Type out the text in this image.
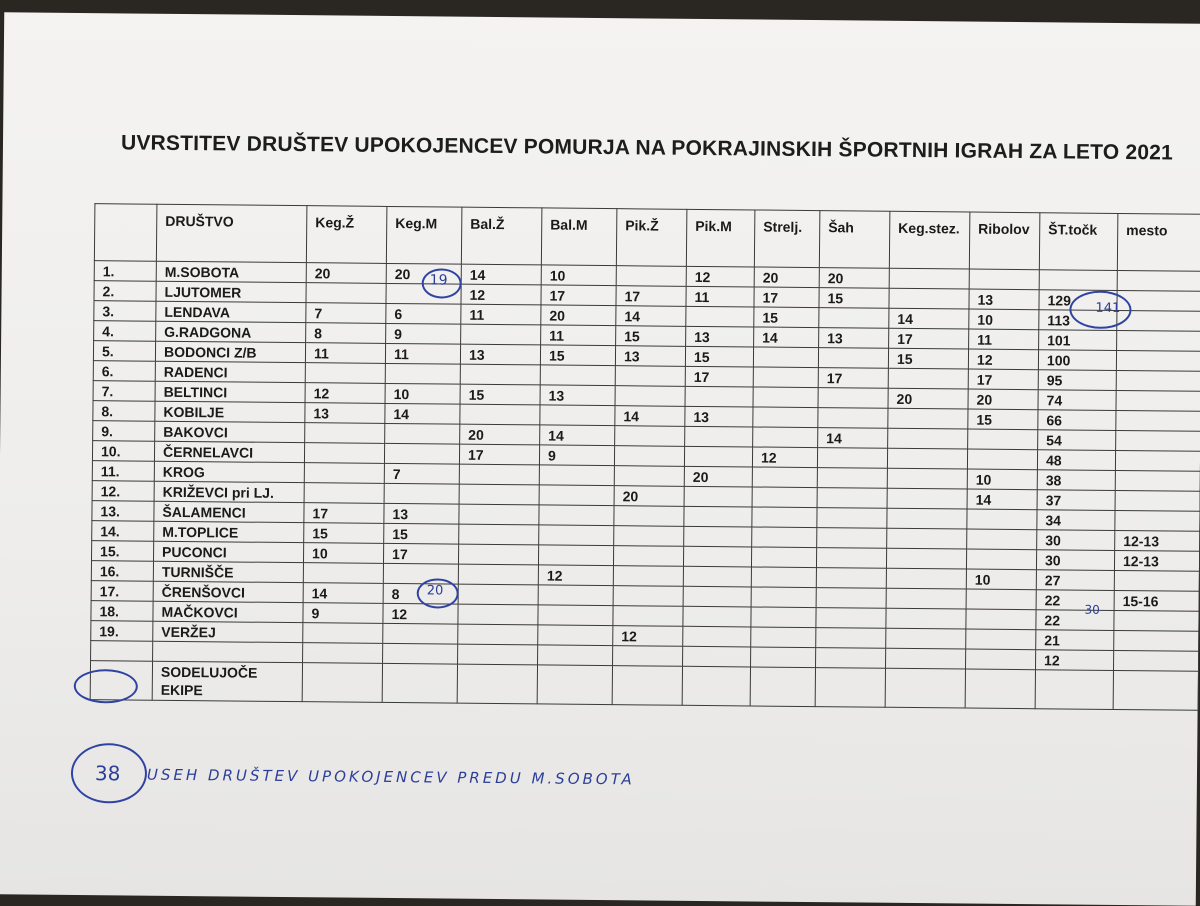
UVRSTITEV DRUŠTEV UPOKOJENCEV POMURJA NA POKRAJINSKIH ŠPORTNIH IGRAH ZA LETO 2021
	DRUŠTVO	Keg.Ž	Keg.M	Bal.Ž	Bal.M	Pik.Ž	Pik.M	Strelj.	Šah	Keg.stez.	Ribolov	ŠT.točk	mesto
1.	M.SOBOTA	20	20	14	10		12	20	20				
2.	LJUTOMER			12	17	17	11	17	15		13	129	
3.	LENDAVA	7	6	11	20	14		15		14	10	113	
4.	G.RADGONA	8	9		11	15	13	14	13	17	11	101	
5.	BODONCI Z/B	11	11	13	15	13	15			15	12	100	
6.	RADENCI						17		17		17	95	
7.	BELTINCI	12	10	15	13					20	20	74	
8.	KOBILJE	13	14			14	13				15	66	
9.	BAKOVCI			20	14				14			54	
10.	ČERNELAVCI			17	9			12				48	
11.	KROG		7				20				10	38	
12.	KRIŽEVCI pri LJ.					20					14	37	
13.	ŠALAMENCI	17	13									34	
14.	M.TOPLICE	15	15									30	12-13
15.	PUCONCI	10	17									30	12-13
16.	TURNIŠČE				12						10	27	
17.	ČRENŠOVCI	14	8									22	15-16
18.	MAČKOVCI	9	12									22	
19.	VERŽEJ					12						21	
												12	
	SODELUJOČE EKIPE												
19
20
141
30
38 USEH DRUŠTEV UPOKOJENCEV PREDU M.SOBOTA
